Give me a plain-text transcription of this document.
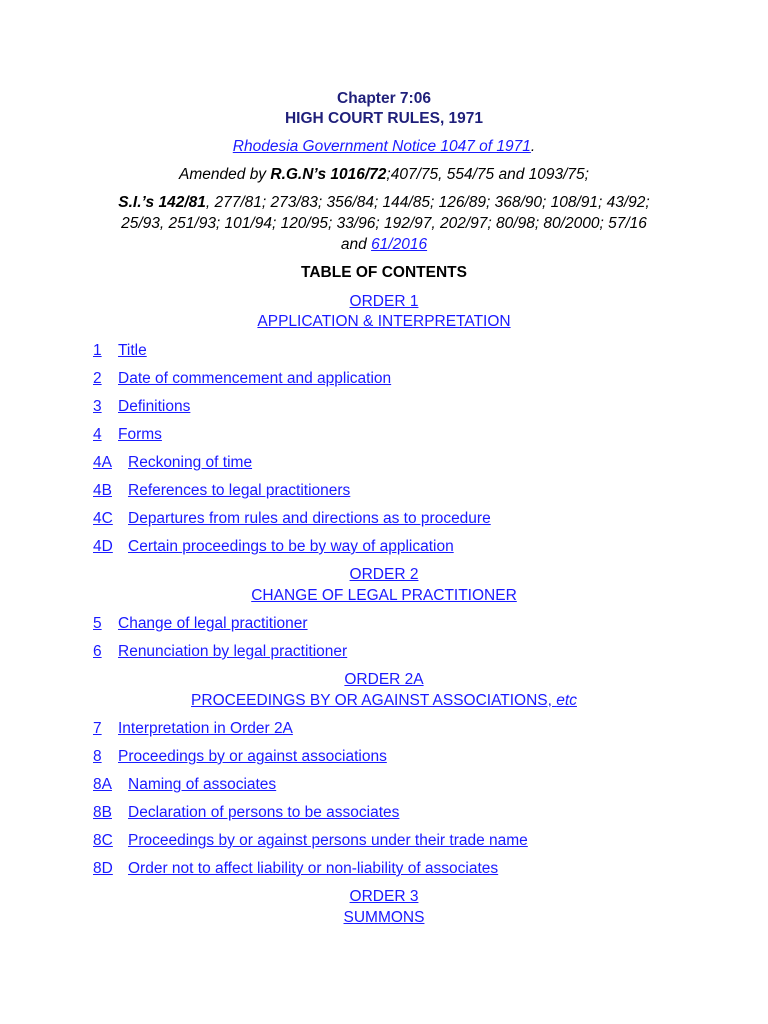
Chapter 7:06
HIGH COURT RULES, 1971
Rhodesia Government Notice 1047 of 1971.
Amended by R.G.N’s 1016/72;407/75, 554/75 and 1093/75;
S.I.’s 142/81, 277/81; 273/83; 356/84; 144/85; 126/89; 368/90; 108/91; 43/92;
25/93, 251/93; 101/94; 120/95; 33/96; 192/97, 202/97; 80/98; 80/2000; 57/16
and 61/2016
TABLE OF CONTENTS
ORDER 1
APPLICATION & INTERPRETATION
1 Title
2 Date of commencement and application
3 Definitions
4 Forms
4A Reckoning of time
4B References to legal practitioners
4C Departures from rules and directions as to procedure
4D Certain proceedings to be by way of application
ORDER 2
CHANGE OF LEGAL PRACTITIONER
5 Change of legal practitioner
6 Renunciation by legal practitioner
ORDER 2A
PROCEEDINGS BY OR AGAINST ASSOCIATIONS, etc
7 Interpretation in Order 2A
8 Proceedings by or against associations
8A Naming of associates
8B Declaration of persons to be associates
8C Proceedings by or against persons under their trade name
8D Order not to affect liability or non-liability of associates
ORDER 3
SUMMONS
